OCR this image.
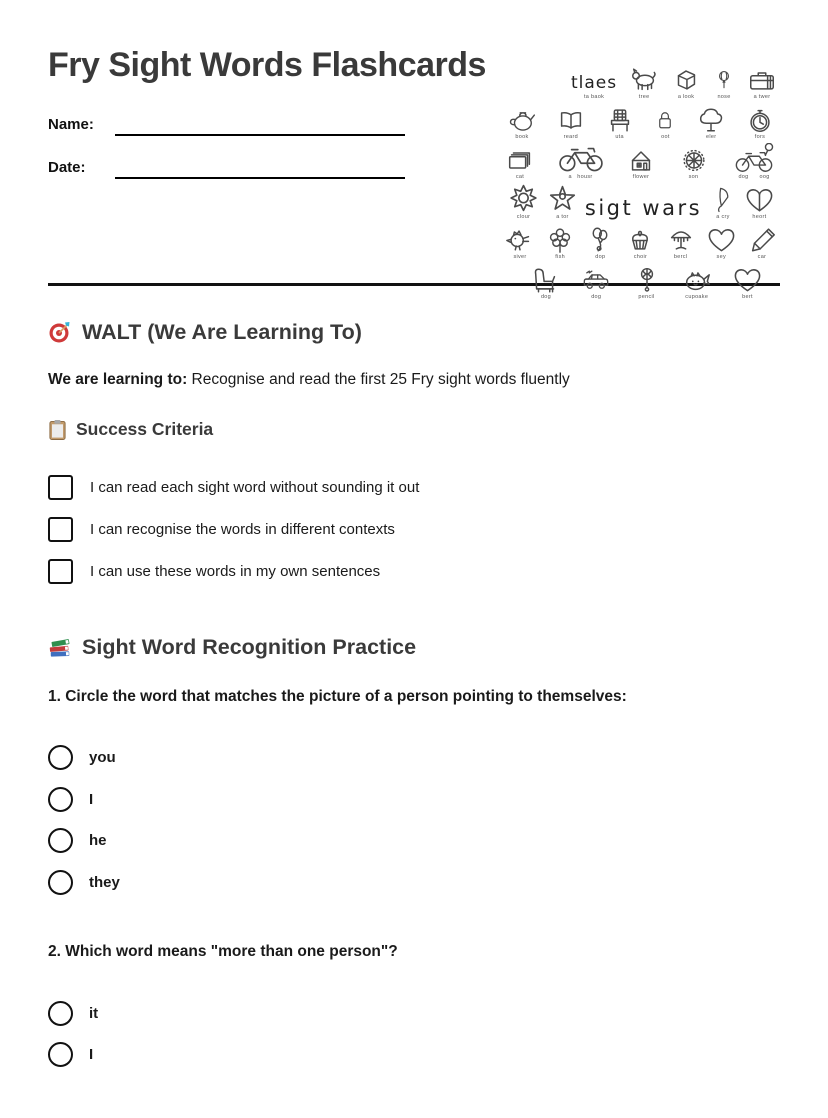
tlaes
ta baok	tree	a look	nose	a twer
book	reard	uta	oot	eler	fors
cat	a   housr	flower	son	dog      oog
clour	a tor sigt wars	a cry	heort
siver	fish	dop	choir	bercl	sey	car
dog	dog	pencil	cupoake	bert
Fry Sight Words Flashcards
Name:
Date:
WALT (We Are Learning To)

We are learning to: Recognise and read the first 25 Fry sight words fluently

Success Criteria
I can read each sight word without sounding it out
I can recognise the words in different contexts
I can use these words in my own sentences
Sight Word Recognition Practice

1. Circle the word that matches the picture of a person pointing to themselves:

you
I
he
they

2. Which word means "more than one person"?

it
I
